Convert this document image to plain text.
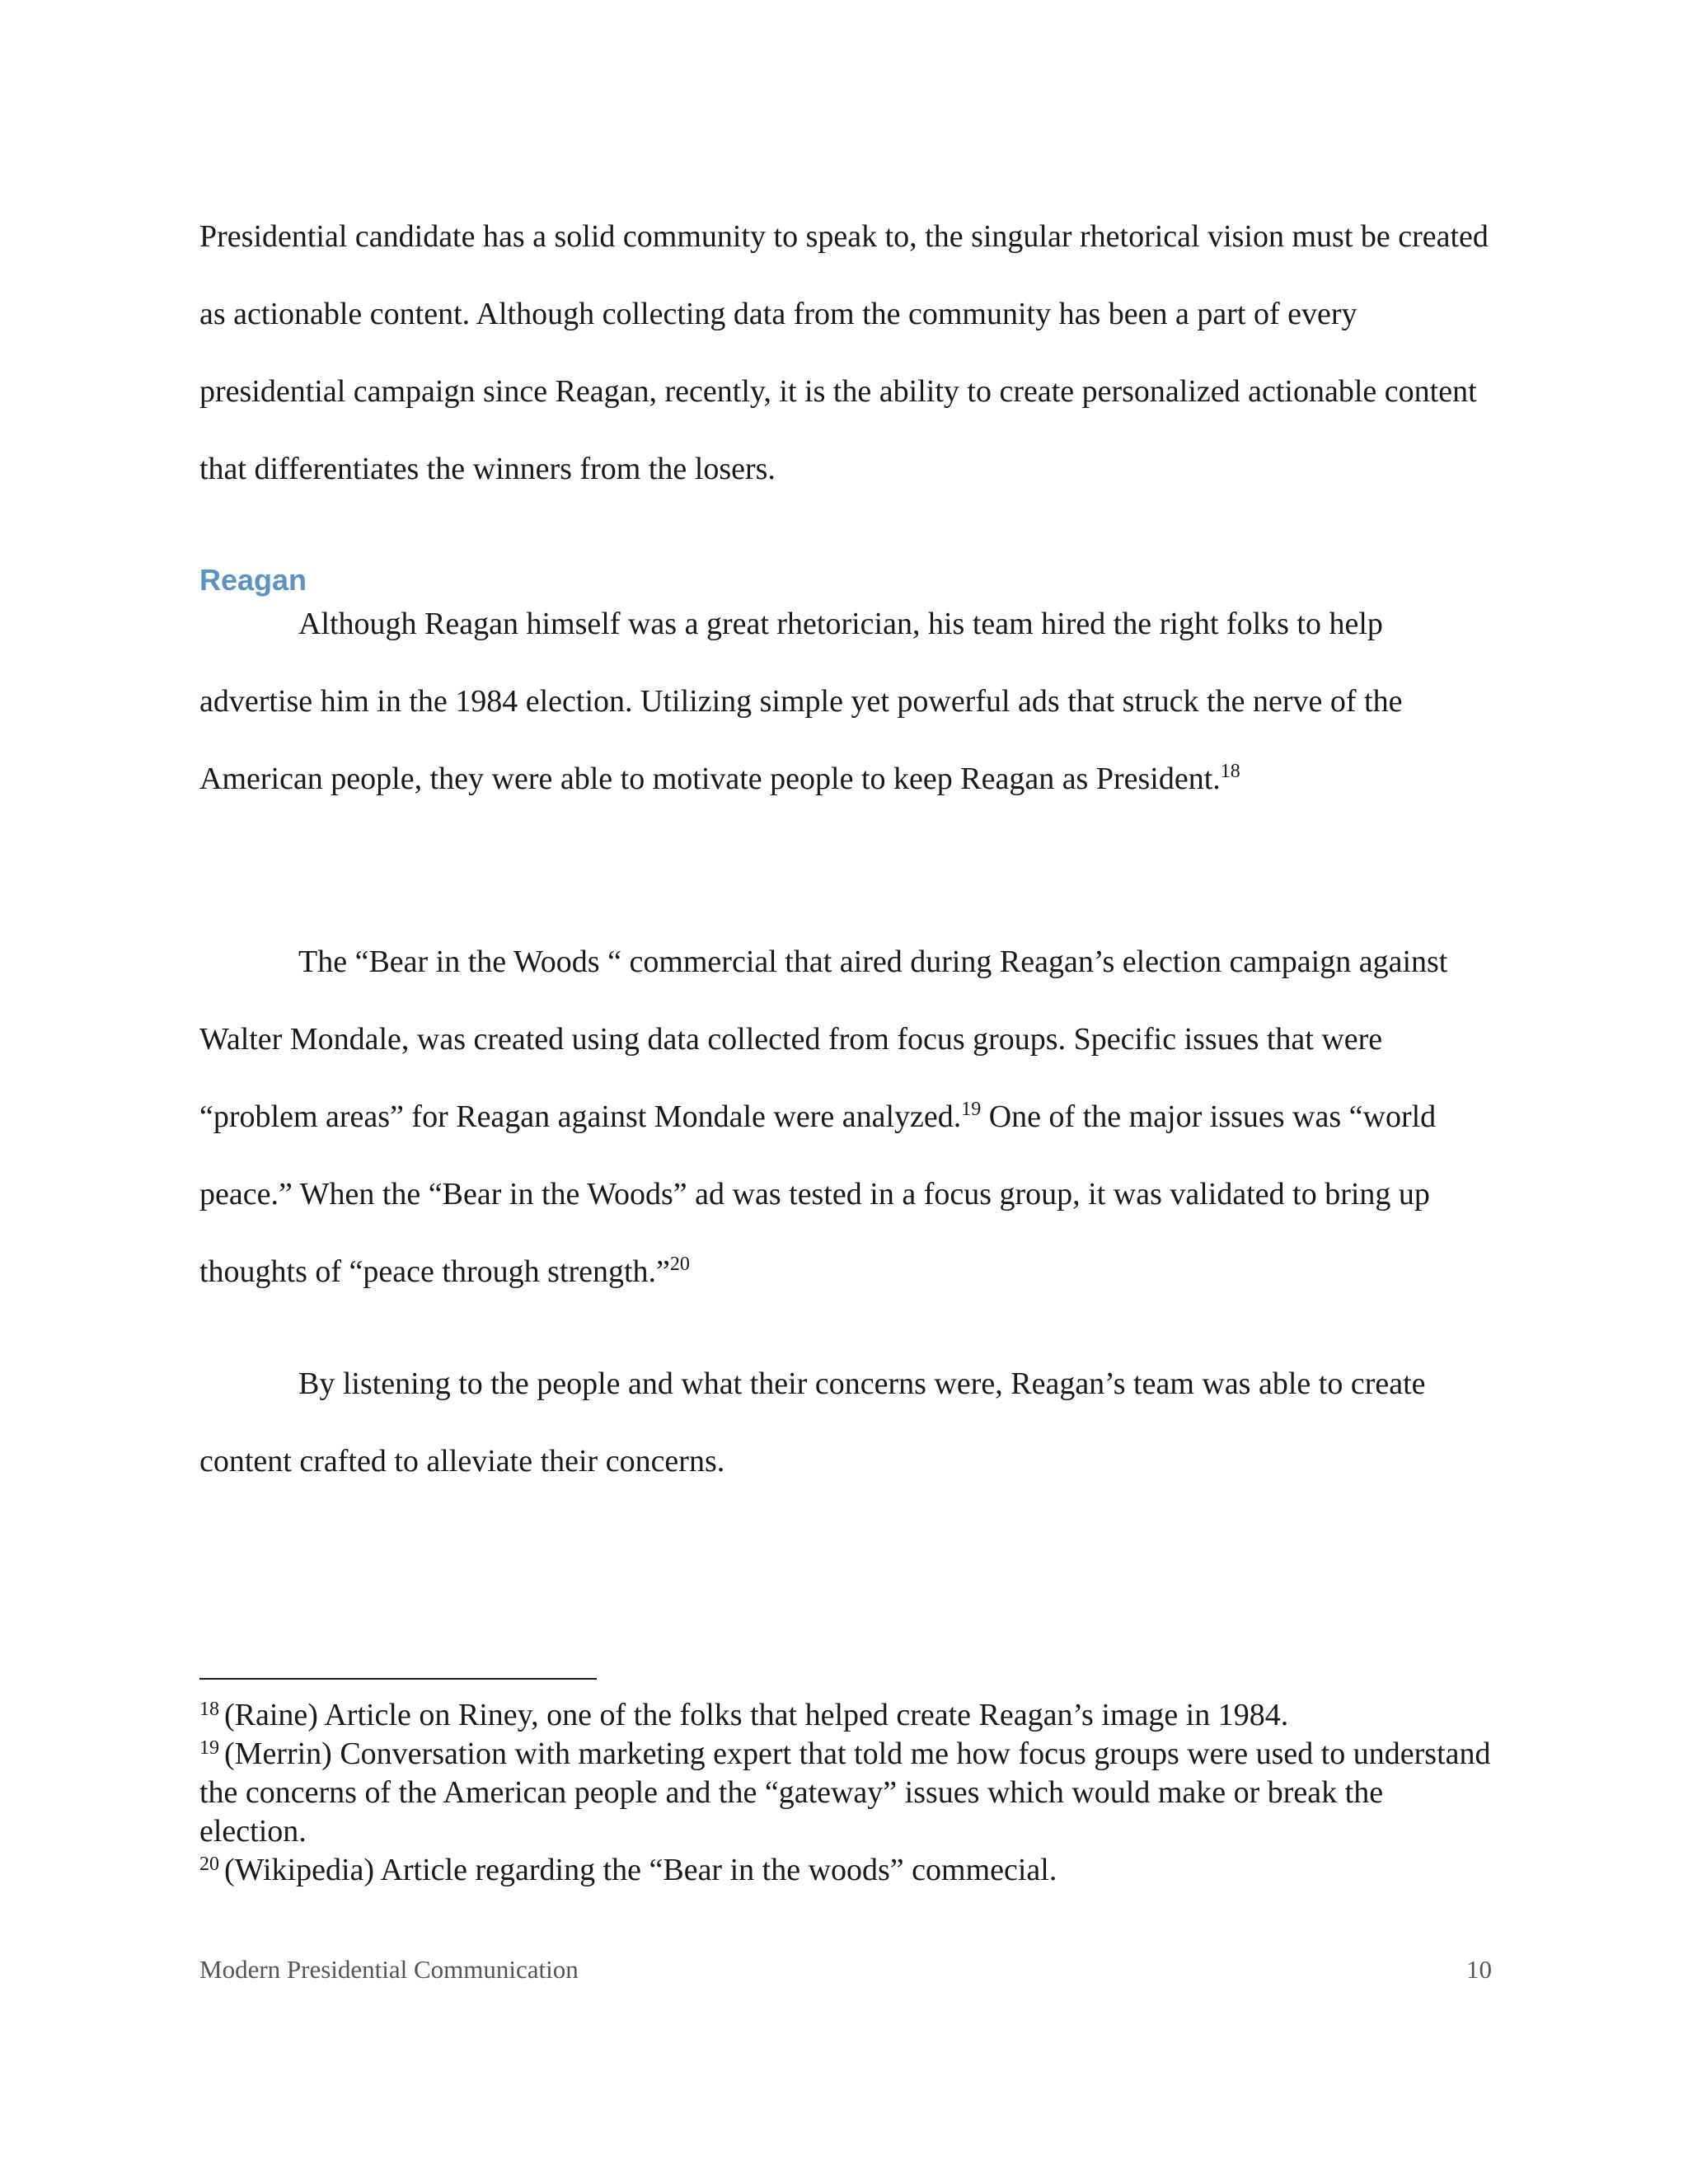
Presidential candidate has a solid community to speak to, the singular rhetorical vision must be created as actionable content. Although collecting data from the community has been a part of every presidential campaign since Reagan, recently, it is the ability to create personalized actionable content that differentiates the winners from the losers.

Reagan

Although Reagan himself was a great rhetorician, his team hired the right folks to help advertise him in the 1984 election. Utilizing simple yet powerful ads that struck the nerve of the American people, they were able to motivate people to keep Reagan as President.$^{18}$

The “Bear in the Woods “ commercial that aired during Reagan’s election campaign against Walter Mondale, was created using data collected from focus groups. Specific issues that were “problem areas” for Reagan against Mondale were analyzed.$^{19}$ One of the major issues was “world peace.” When the “Bear in the Woods” ad was tested in a focus group, it was validated to bring up thoughts of “peace through strength.”$^{20}$

By listening to the people and what their concerns were, Reagan’s team was able to create content crafted to alleviate their concerns.

$^{18}$ (Raine) Article on Riney, one of the folks that helped create Reagan’s image in 1984.

$^{19}$ (Merrin) Conversation with marketing expert that told me how focus groups were used to understand the concerns of the American people and the “gateway” issues which would make or break the election.

$^{20}$ (Wikipedia) Article regarding the “Bear in the woods” commecial.

Modern Presidential Communication	10
